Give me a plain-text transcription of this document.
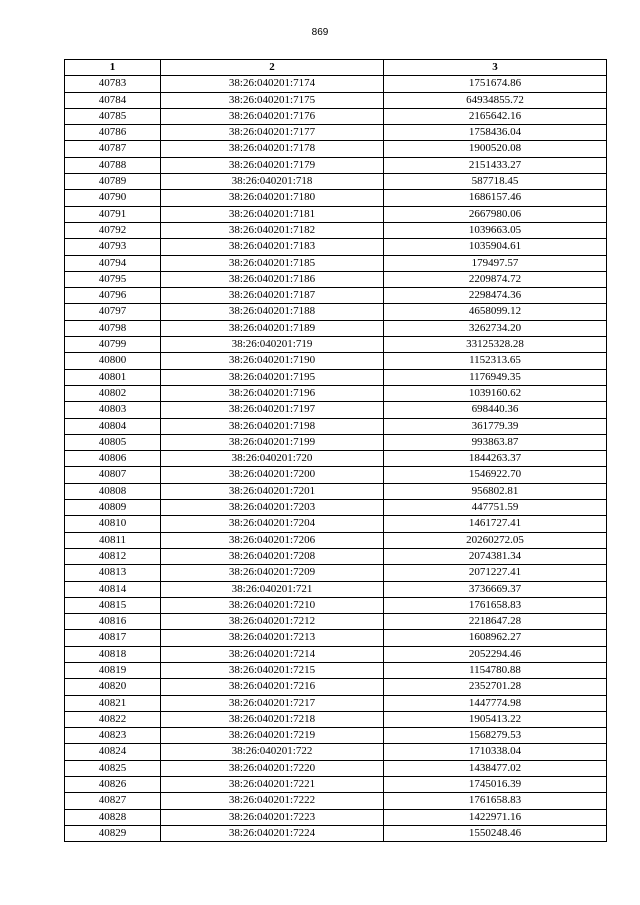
869
1	2	3
40783	38:26:040201:7174	1751674.86
40784	38:26:040201:7175	64934855.72
40785	38:26:040201:7176	2165642.16
40786	38:26:040201:7177	1758436.04
40787	38:26:040201:7178	1900520.08
40788	38:26:040201:7179	2151433.27
40789	38:26:040201:718	587718.45
40790	38:26:040201:7180	1686157.46
40791	38:26:040201:7181	2667980.06
40792	38:26:040201:7182	1039663.05
40793	38:26:040201:7183	1035904.61
40794	38:26:040201:7185	179497.57
40795	38:26:040201:7186	2209874.72
40796	38:26:040201:7187	2298474.36
40797	38:26:040201:7188	4658099.12
40798	38:26:040201:7189	3262734.20
40799	38:26:040201:719	33125328.28
40800	38:26:040201:7190	1152313.65
40801	38:26:040201:7195	1176949.35
40802	38:26:040201:7196	1039160.62
40803	38:26:040201:7197	698440.36
40804	38:26:040201:7198	361779.39
40805	38:26:040201:7199	993863.87
40806	38:26:040201:720	1844263.37
40807	38:26:040201:7200	1546922.70
40808	38:26:040201:7201	956802.81
40809	38:26:040201:7203	447751.59
40810	38:26:040201:7204	1461727.41
40811	38:26:040201:7206	20260272.05
40812	38:26:040201:7208	2074381.34
40813	38:26:040201:7209	2071227.41
40814	38:26:040201:721	3736669.37
40815	38:26:040201:7210	1761658.83
40816	38:26:040201:7212	2218647.28
40817	38:26:040201:7213	1608962.27
40818	38:26:040201:7214	2052294.46
40819	38:26:040201:7215	1154780.88
40820	38:26:040201:7216	2352701.28
40821	38:26:040201:7217	1447774.98
40822	38:26:040201:7218	1905413.22
40823	38:26:040201:7219	1568279.53
40824	38:26:040201:722	1710338.04
40825	38:26:040201:7220	1438477.02
40826	38:26:040201:7221	1745016.39
40827	38:26:040201:7222	1761658.83
40828	38:26:040201:7223	1422971.16
40829	38:26:040201:7224	1550248.46
